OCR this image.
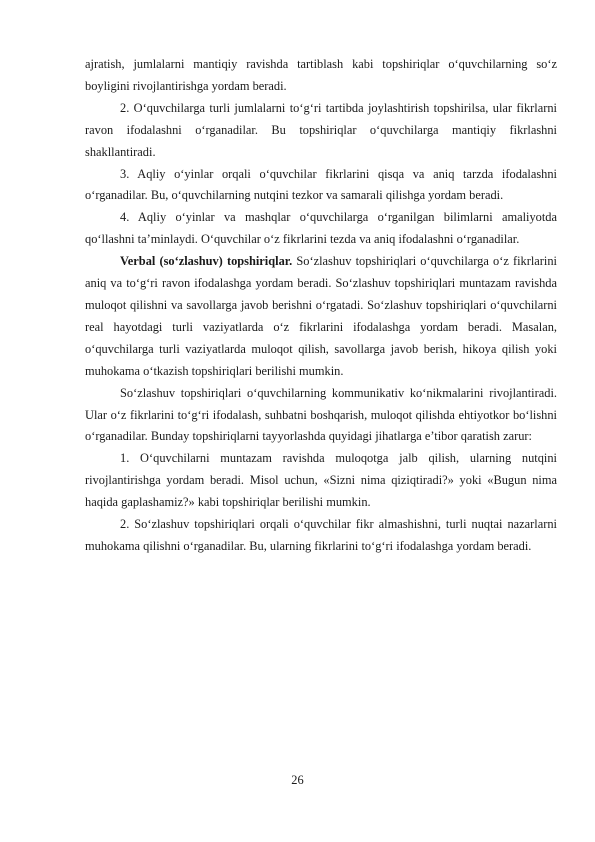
ajratish, jumlalarni mantiqiy ravishda tartiblash kabi topshiriqlar o‘quvchilarning so‘z boyligini rivojlantirishga yordam beradi.

2. O‘quvchilarga turli jumlalarni to‘g‘ri tartibda joylashtirish topshirilsa, ular fikrlarni ravon ifodalashni o‘rganadilar. Bu topshiriqlar o‘quvchilarga mantiqiy fikrlashni shakllantiradi.

3. Aqliy o‘yinlar orqali o‘quvchilar fikrlarini qisqa va aniq tarzda ifodalashni o‘rganadilar. Bu, o‘quvchilarning nutqini tezkor va samarali qilishga yordam beradi.

4. Aqliy o‘yinlar va mashqlar o‘quvchilarga o‘rganilgan bilimlarni amaliyotda qo‘llashni ta’minlaydi. O‘quvchilar o‘z fikrlarini tezda va aniq ifodalashni o‘rganadilar.

Verbal (so‘zlashuv) topshiriqlar. So‘zlashuv topshiriqlari o‘quvchilarga o‘z fikrlarini aniq va to‘g‘ri ravon ifodalashga yordam beradi. So‘zlashuv topshiriqlari muntazam ravishda muloqot qilishni va savollarga javob berishni o‘rgatadi. So‘zlashuv topshiriqlari o‘quvchilarni real hayotdagi turli vaziyatlarda o‘z fikrlarini ifodalashga yordam beradi. Masalan, o‘quvchilarga turli vaziyatlarda muloqot qilish, savollarga javob berish, hikoya qilish yoki muhokama o‘tkazish topshiriqlari berilishi mumkin.

So‘zlashuv topshiriqlari o‘quvchilarning kommunikativ ko‘nikmalarini rivojlantiradi. Ular o‘z fikrlarini to‘g‘ri ifodalash, suhbatni boshqarish, muloqot qilishda ehtiyotkor bo‘lishni o‘rganadilar. Bunday topshiriqlarni tayyorlashda quyidagi jihatlarga e’tibor qaratish zarur:

1. O‘quvchilarni muntazam ravishda muloqotga jalb qilish, ularning nutqini rivojlantirishga yordam beradi. Misol uchun, «Sizni nima qiziqtiradi?» yoki «Bugun nima haqida gaplashamiz?» kabi topshiriqlar berilishi mumkin.

2. So‘zlashuv topshiriqlari orqali o‘quvchilar fikr almashishni, turli nuqtai nazarlarni muhokama qilishni o‘rganadilar. Bu, ularning fikrlarini to‘g‘ri ifodalashga yordam beradi.

26
